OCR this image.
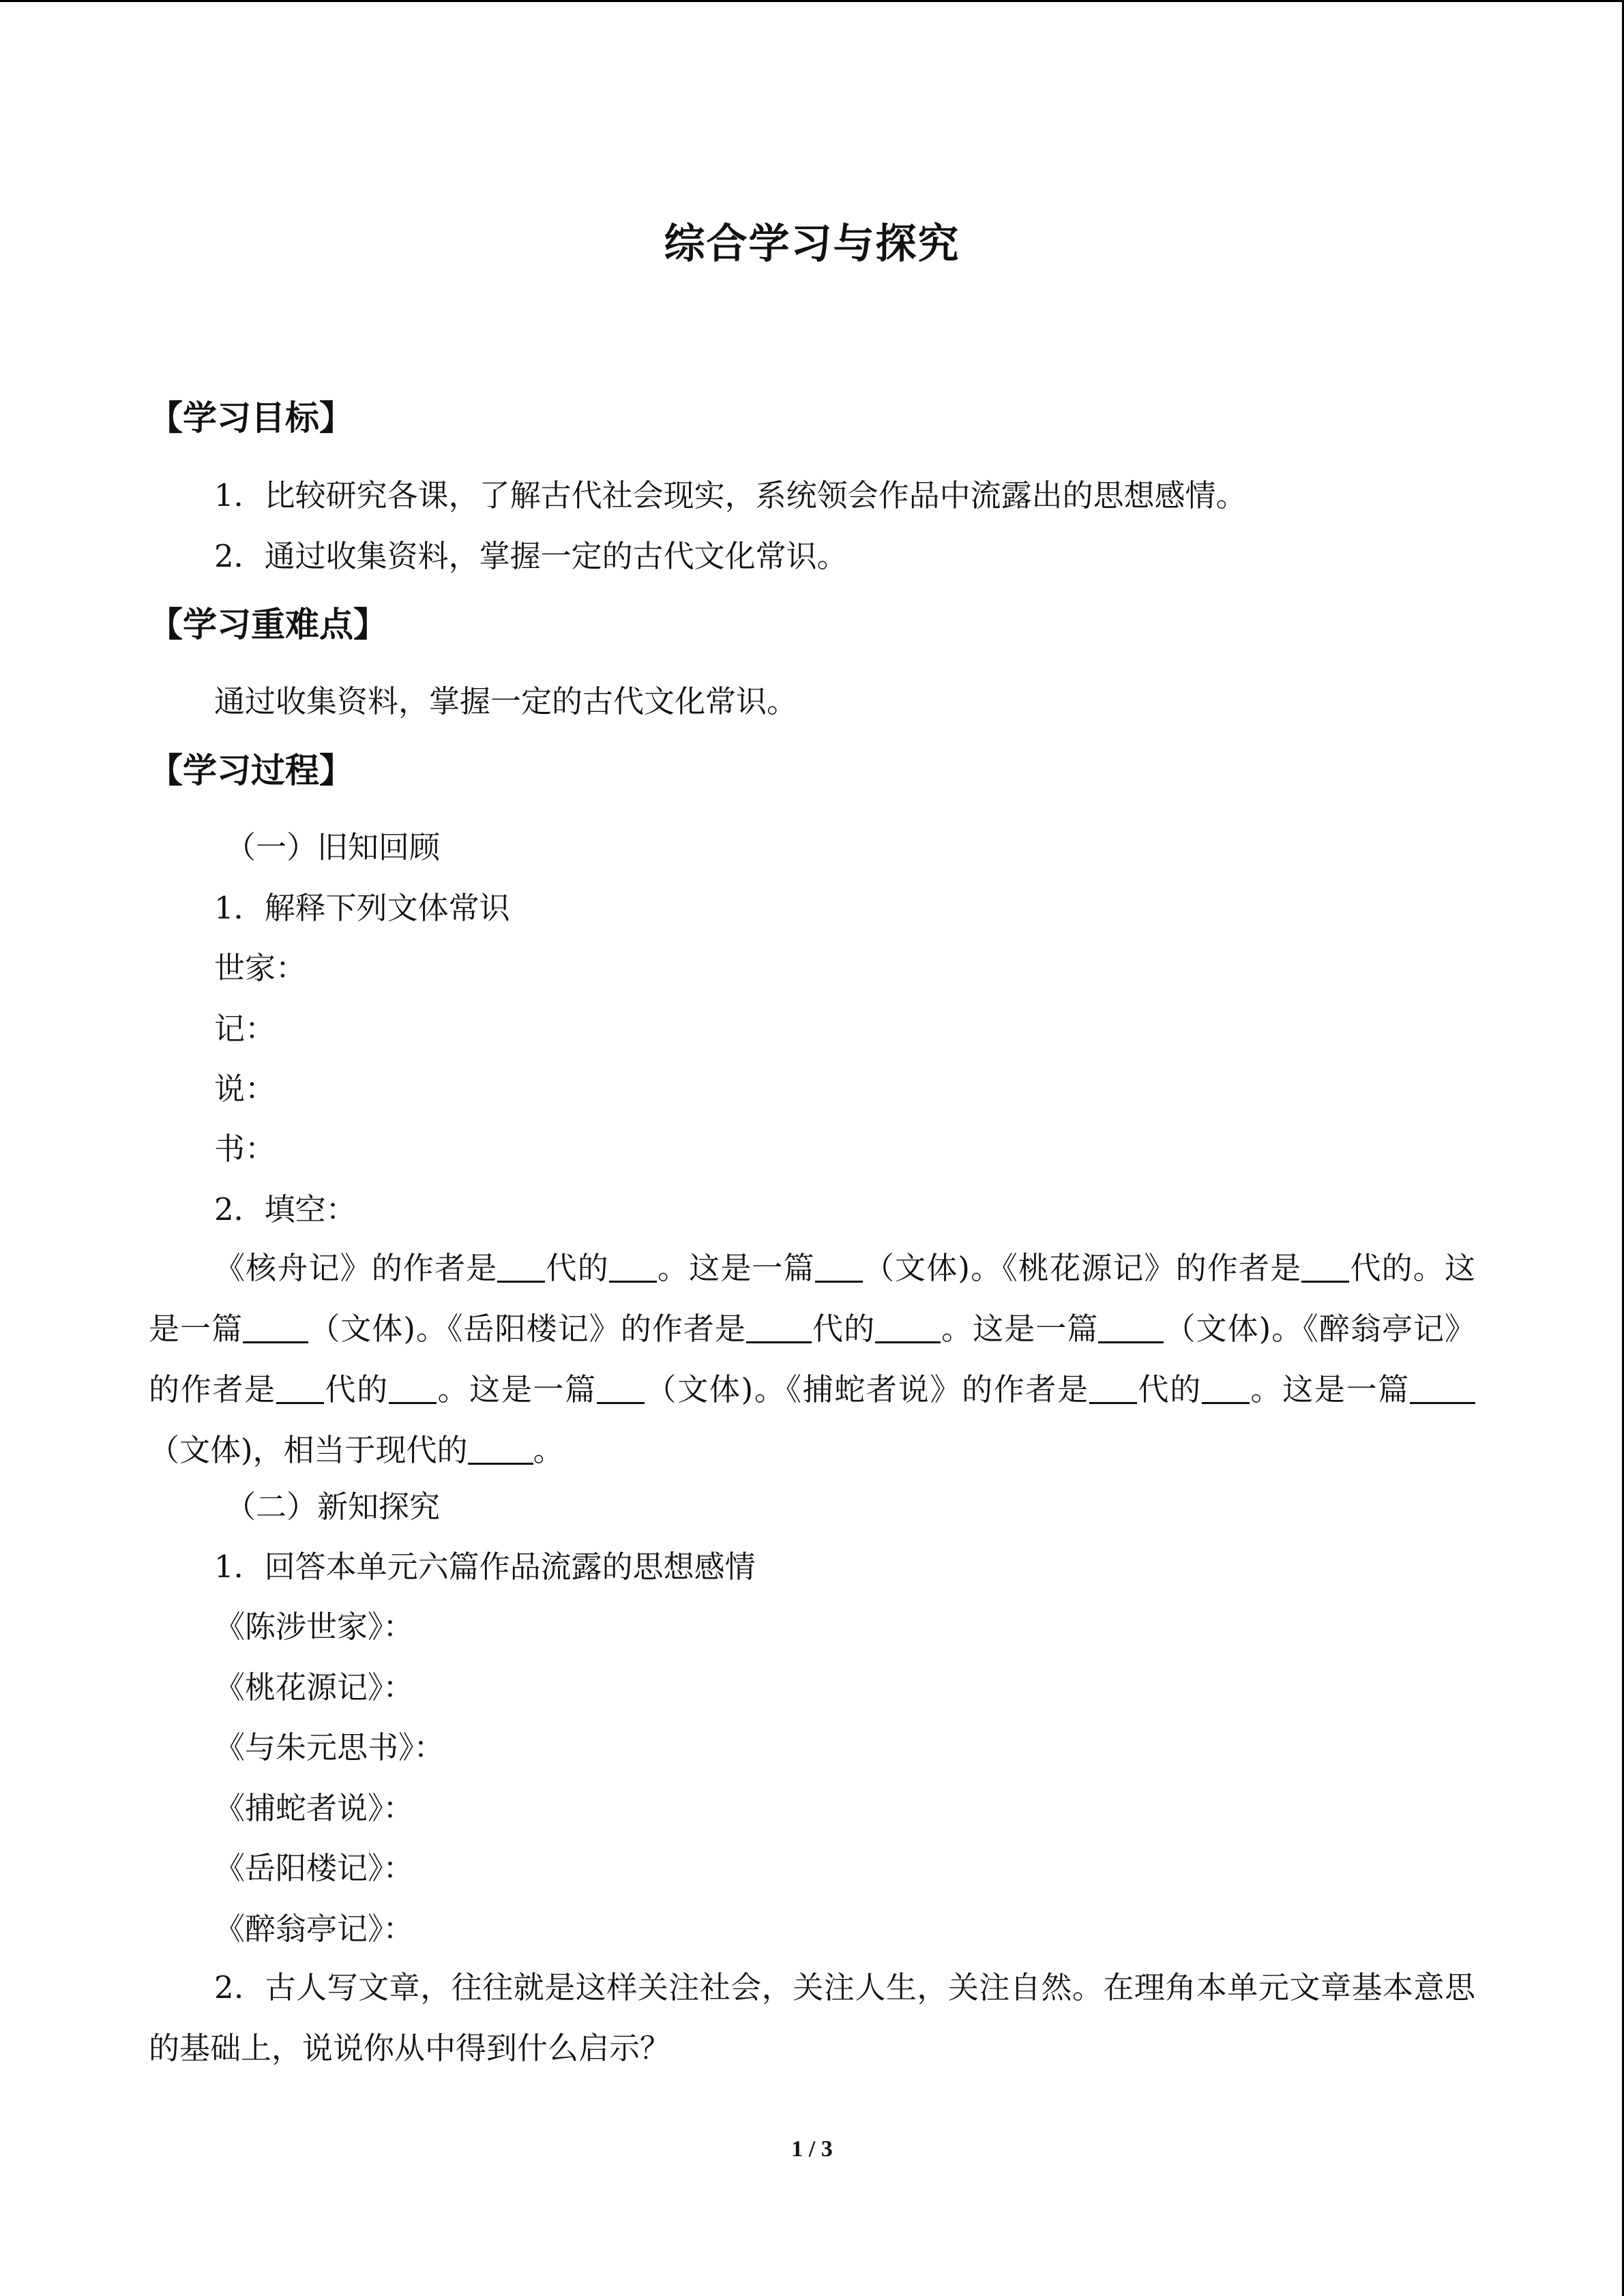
综合学习与探究
【学习目标】
1．比较研究各课，了解古代社会现实，系统领会作品中流露出的思想感情。
2．通过收集资料，掌握一定的古代文化常识。
【学习重难点】
通过收集资料，掌握一定的古代文化常识。
【学习过程】
（一）旧知回顾
1．解释下列文体常识
世家：
记：
说：
书：
2．填空：
《核舟记》的作者是 代的 。这是一篇 （文体)。《桃花源记》的作者是 代的。这是一篇 （文体)。《岳阳楼记》的作者是 代的 。这是一篇 （文体)。《醉翁亭记》的作者是 代的 。这是一篇 （文体)。《捕蛇者说》的作者是 代的 。这是一篇（文体)，相当于现代的 。
（二）新知探究
1．回答本单元六篇作品流露的思想感情
《陈涉世家》：
《桃花源记》：
《与朱元思书》：
《捕蛇者说》：
《岳阳楼记》：
《醉翁亭记》：
2．古人写文章，往往就是这样关注社会，关注人生，关注自然。在理角本单元文章基本意思的基础上，说说你从中得到什么启示？
1 / 3
